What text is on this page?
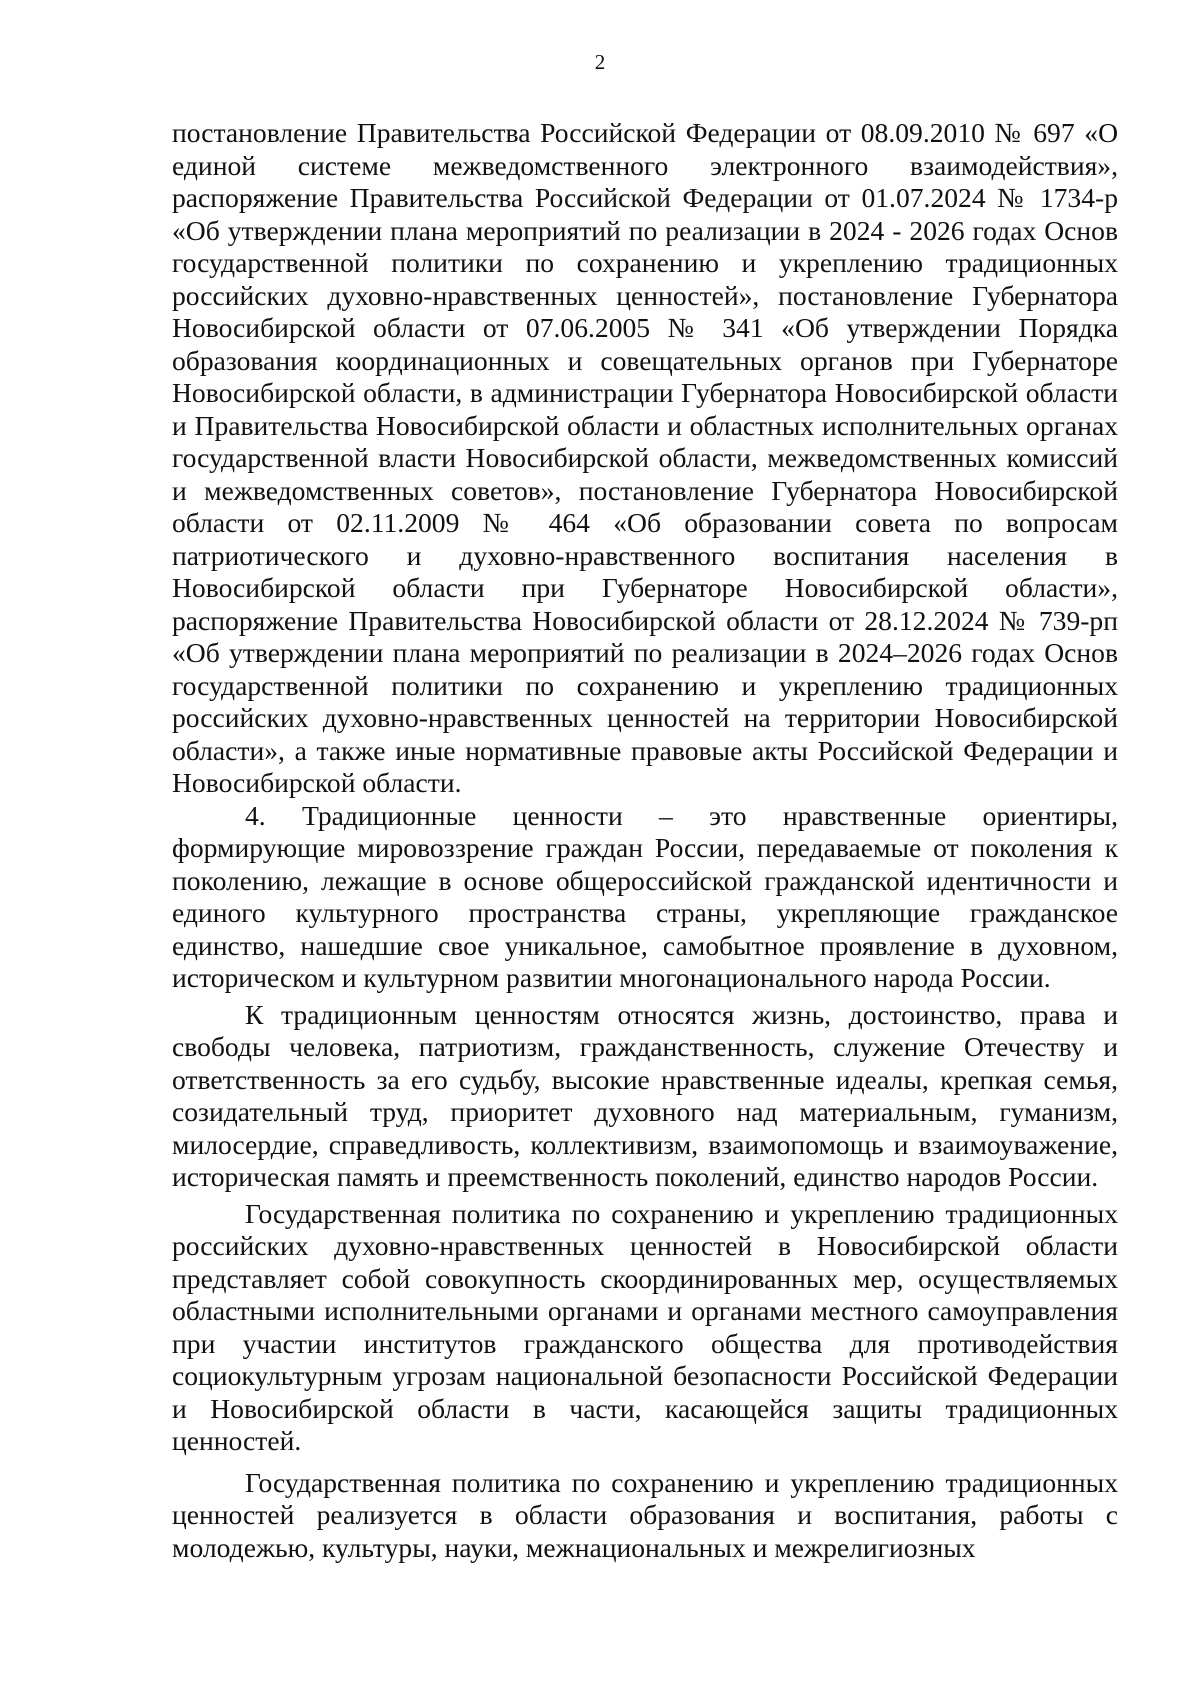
2

постановление Правительства Российской Федерации от 08.09.2010 № 697 «О единой системе межведомственного электронного взаимодействия», распоряжение Правительства Российской Федерации от 01.07.2024 № 1734-р «Об утверждении плана мероприятий по реализации в 2024 - 2026 годах Основ государственной политики по сохранению и укреплению традиционных российских духовно-нравственных ценностей», постановление Губернатора Новосибирской области от 07.06.2005 № 341 «Об утверждении Порядка образования координационных и совещательных органов при Губернаторе Новосибирской области, в администрации Губернатора Новосибирской области и Правительства Новосибирской области и областных исполнительных органах государственной власти Новосибирской области, межведомственных комиссий и межведомственных советов», постановление Губернатора Новосибирской области от 02.11.2009 № 464 «Об образовании совета по вопросам патриотического и духовно-нравственного воспитания населения в Новосибирской области при Губернаторе Новосибирской области», распоряжение Правительства Новосибирской области от 28.12.2024 № 739-рп «Об утверждении плана мероприятий по реализации в 2024–2026 годах Основ государственной политики по сохранению и укреплению традиционных российских духовно-нравственных ценностей на территории Новосибирской области», а также иные нормативные правовые акты Российской Федерации и Новосибирской области.

4. Традиционные ценности – это нравственные ориентиры, формирующие мировоззрение граждан России, передаваемые от поколения к поколению, лежащие в основе общероссийской гражданской идентичности и единого культурного пространства страны, укрепляющие гражданское единство, нашедшие свое уникальное, самобытное проявление в духовном, историческом и культурном развитии многонационального народа России.

К традиционным ценностям относятся жизнь, достоинство, права и свободы человека, патриотизм, гражданственность, служение Отечеству и ответственность за его судьбу, высокие нравственные идеалы, крепкая семья, созидательный труд, приоритет духовного над материальным, гуманизм, милосердие, справедливость, коллективизм, взаимопомощь и взаимоуважение, историческая память и преемственность поколений, единство народов России.

Государственная политика по сохранению и укреплению традиционных российских духовно-нравственных ценностей в Новосибирской области представляет собой совокупность скоординированных мер, осуществляемых областными исполнительными органами и органами местного самоуправления при участии институтов гражданского общества для противодействия социокультурным угрозам национальной безопасности Российской Федерации и Новосибирской области в части, касающейся защиты традиционных ценностей.

Государственная политика по сохранению и укреплению традиционных ценностей реализуется в области образования и воспитания, работы с молодежью, культуры, науки, межнациональных и межрелигиозных
